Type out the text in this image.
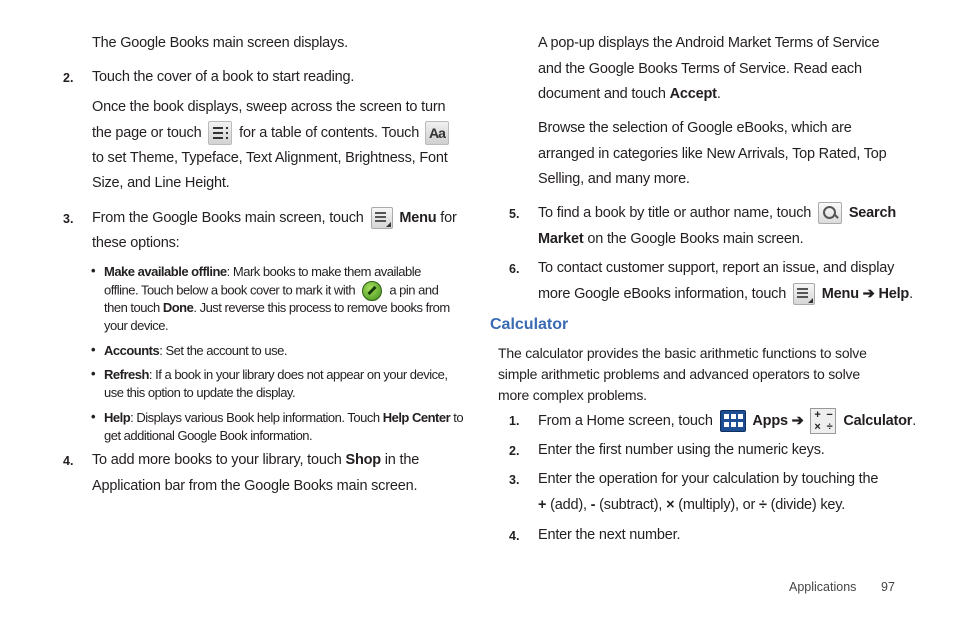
The Google Books main screen displays.
2. Touch the cover of a book to start reading.
Once the book displays, sweep across the screen to turn
the page or touch	for a table of contents. Touch Aa
to set Theme, Typeface, Text Alignment, Brightness, Font
Size, and Line Height.
3. From the Google Books main screen, touch Menu for
these options:
• Make available offline: Mark books to make them available
offline. Touch below a book cover to mark it with	a pin and
then touch Done. Just reverse this process to remove books from
your device.
• Accounts: Set the account to use.
• Refresh: If a book in your library does not appear on your device,
use this option to update the display.
• Help: Displays various Book help information. Touch Help Center to
get additional Google Book information.
4. To add more books to your library, touch Shop in the
Application bar from the Google Books main screen.
A pop-up displays the Android Market Terms of Service
and the Google Books Terms of Service. Read each
document and touch Accept.
Browse the selection of Google eBooks, which are
arranged in categories like New Arrivals, Top Rated, Top
Selling, and many more.
5. To find a book by title or author name, touch	Search
Market on the Google Books main screen.
6. To contact customer support, report an issue, and display
more Google eBooks information, touch Menu ➔ Help.
Calculator
The calculator provides the basic arithmetic functions to solve
simple arithmetic problems and advanced operators to solve
more complex problems.
1. From a Home screen, touch	Apps ➔ + −
× ÷ Calculator.
2. Enter the first number using the numeric keys.
3. Enter the operation for your calculation by touching the
+ (add), - (subtract), × (multiply), or ÷ (divide) key.
4. Enter the next number.
Applications 97
